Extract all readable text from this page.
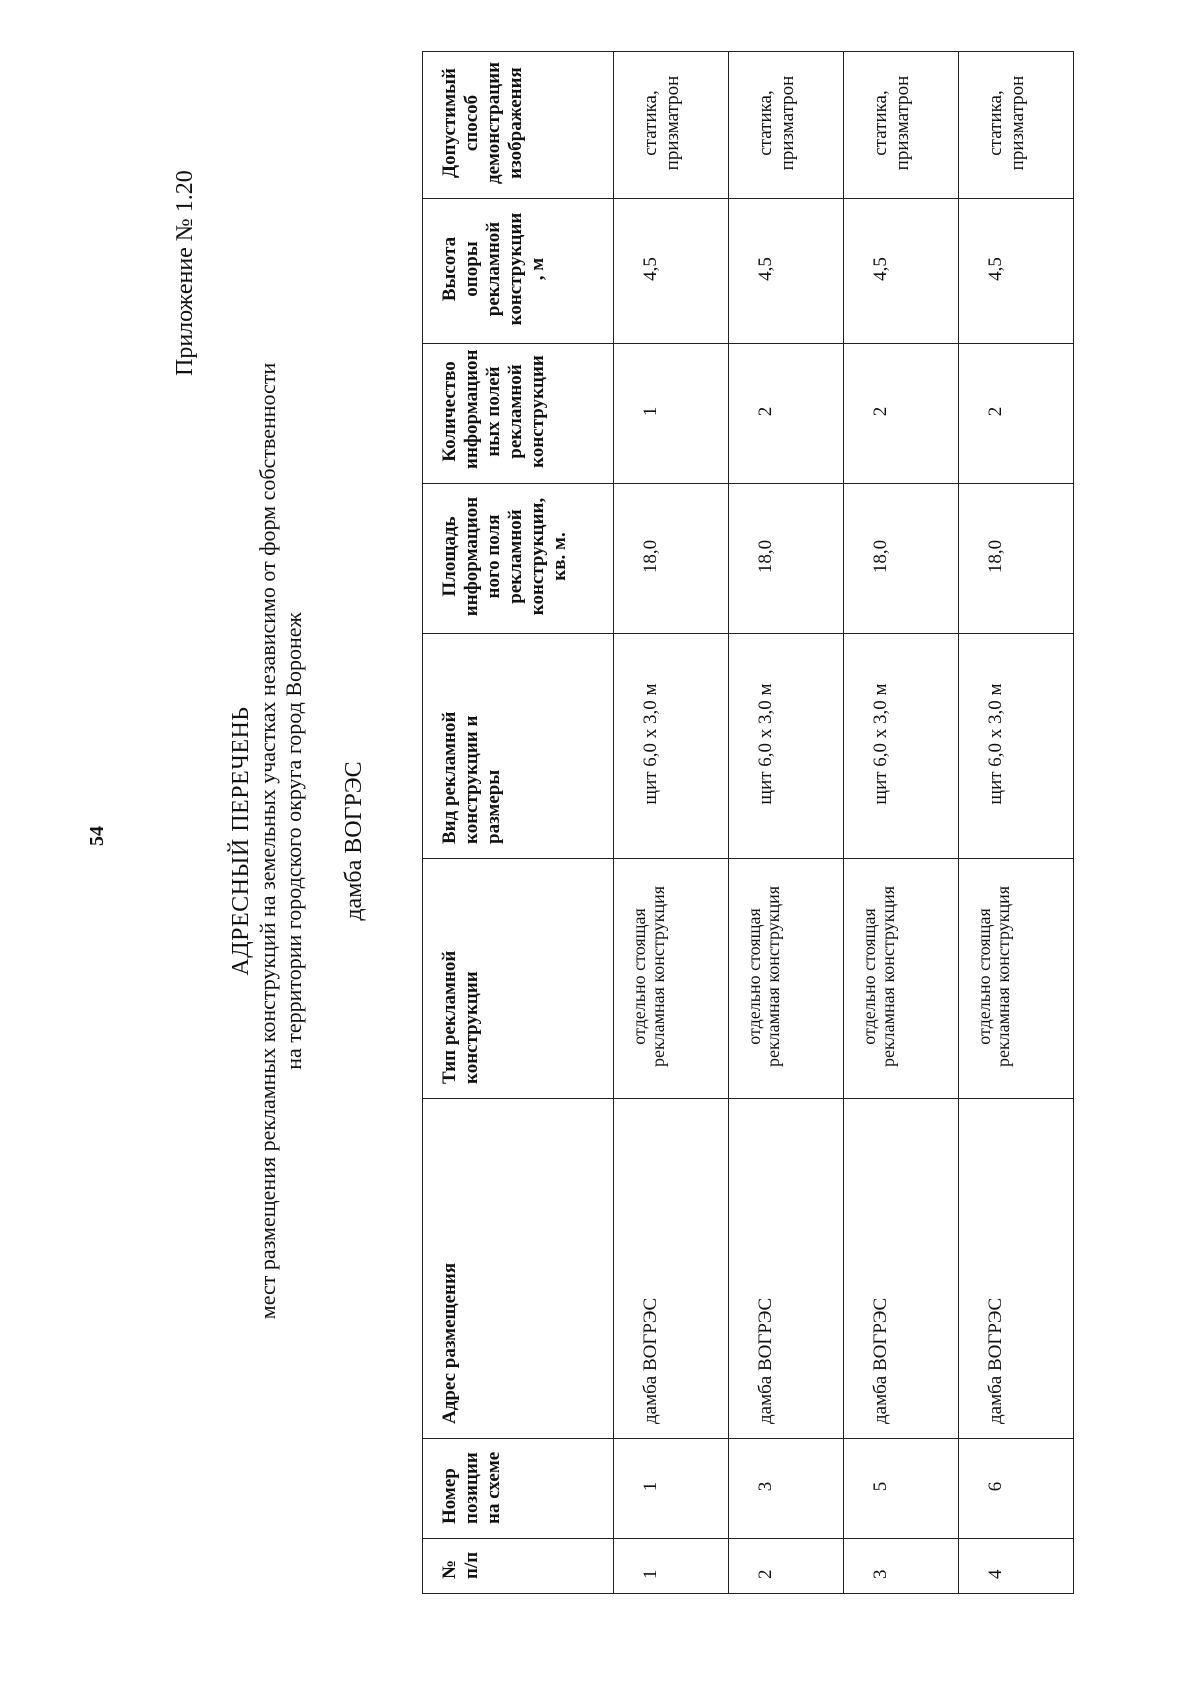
54
Приложение № 1.20
АДРЕСНЫЙ ПЕРЕЧЕНЬ мест размещения рекламных конструкций на земельных участках независимо от форм собственности на территории городского округа город Воронеж дамба ВОГРЭС
№ п/п	Номер позиции на схеме	Адрес размещения	Тип рекламной конструкции	Вид рекламной конструкции и размеры	Площадь информацион ного поля рекламной конструкции, кв. м.	Количество информацион ных полей рекламной конструкции	Высота опоры рекламной конструкции , м	Допустимый способ демонстрации изображения
1	1	дамба ВОГРЭС	отдельно стоящая рекламная конструкция	щит 6,0 х 3,0 м	18,0	1	4,5	статика, призматрон
2	3	дамба ВОГРЭС	отдельно стоящая рекламная конструкция	щит 6,0 х 3,0 м	18,0	2	4,5	статика, призматрон
3	5	дамба ВОГРЭС	отдельно стоящая рекламная конструкция	щит 6,0 х 3,0 м	18,0	2	4,5	статика, призматрон
4	6	дамба ВОГРЭС	отдельно стоящая рекламная конструкция	щит 6,0 х 3,0 м	18,0	2	4,5	статика, призматрон
